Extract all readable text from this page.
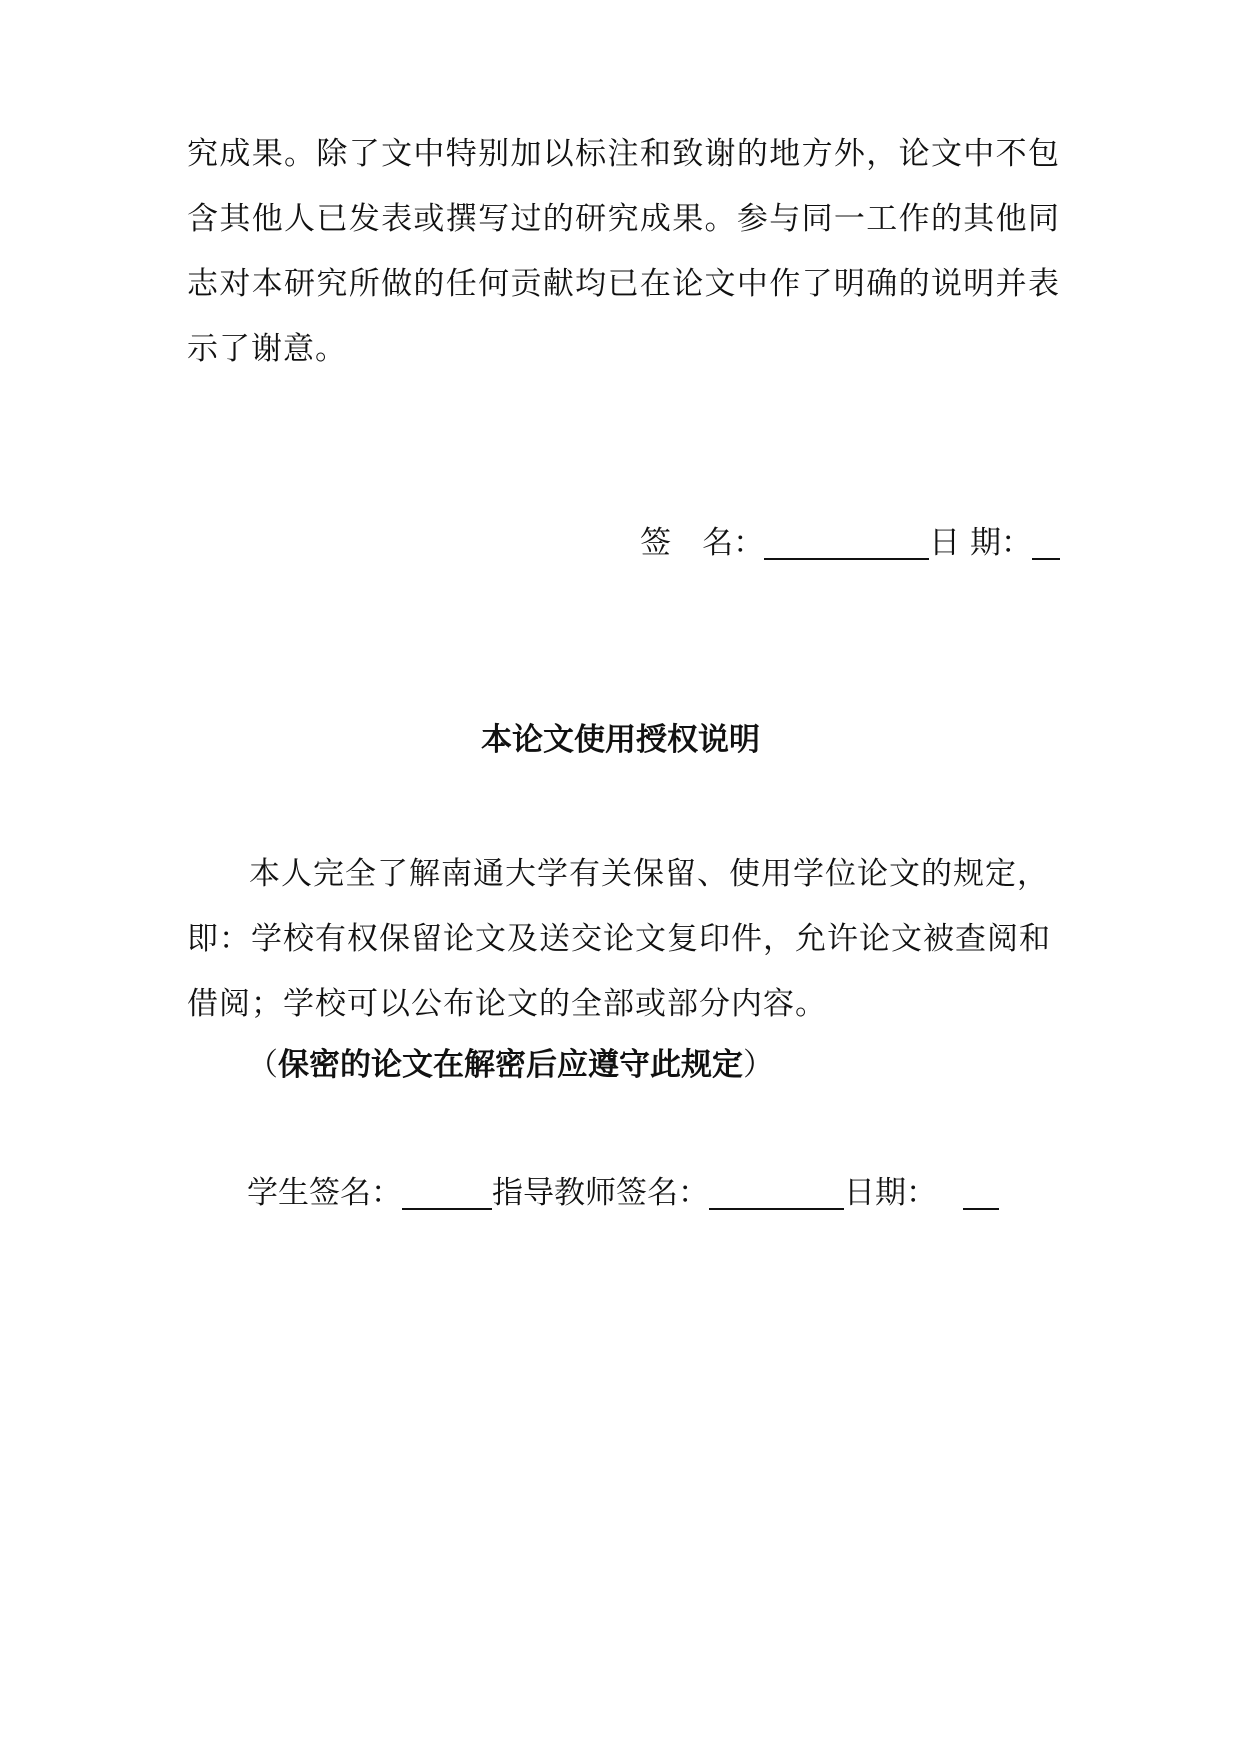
究成果。除了文中特别加以标注和致谢的地方外，论文中不包含其他人已发表或撰写过的研究成果。参与同一工作的其他同志对本研究所做的任何贡献均已在论文中作了明确的说明并表示了谢意。
签　名：	日 期：
本论文使用授权说明
本人完全了解南通大学有关保留、使用学位论文的规定，即：学校有权保留论文及送交论文复印件，允许论文被查阅和借阅；学校可以公布论文的全部或部分内容。
（保密的论文在解密后应遵守此规定）
学生签名：	指导教师签名：	日期：
